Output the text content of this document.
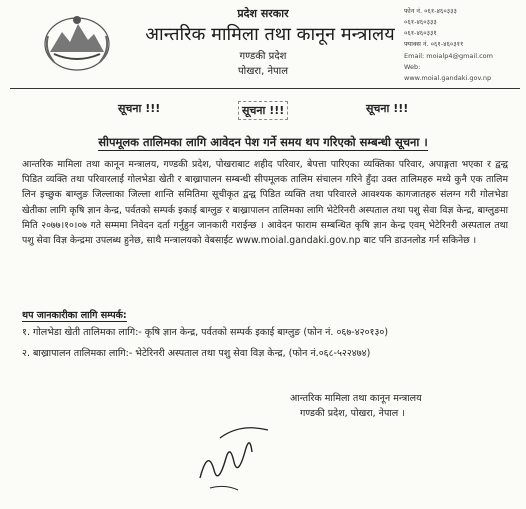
प्रदेश सरकार
आन्तरिक मामिला तथा कानून मन्त्रालय
गण्डकी प्रदेश
पोखरा, नेपाल
फोन नं. ०६१-४६०३३३
०६१-४६०३३३
०६१-४६०३३१
फ्याक्स नं. ०६१-४६०३११
Email: moialp4@gmail.com
Web:
www.moial.gandaki.gov.np
सूचना !!!	सूचना !!!	सूचना !!!
सीपमूलक तालिमका लागि आवेदन पेश गर्ने समय थप गरिएको सम्बन्धी सूचना ।
आन्तरिक मामिला तथा कानून मन्त्रालय, गण्डकी प्रदेश, पोखराबाट शहीद परिवार, बेपत्ता पारिएका व्यक्तिका परिवार, अपाङ्गता भएका र द्वन्द्व पिडित व्यक्ति तथा परिवारलाई गोलभेडा खेती र बाख्रापालन सम्बन्धी सीपमूलक तालिम संचालन गरिने हुँदा उक्त तालिमहरु मध्ये कुनै एक तालिम लिन इच्छुक बाग्लुङ जिल्लाका जिल्ला शान्ति समितिमा सूचीकृत द्वन्द्व पिडित व्यक्ति तथा परिवारले आवश्यक कागजातहरु संलग्न गरी गोलभेडा खेतीका लागि कृषि ज्ञान केन्द्र, पर्वतको सम्पर्क इकाई बाग्लुङ र बाख्रापालन तालिमका लागि भेटेरिनरी अस्पताल तथा पशु सेवा विज्ञ केन्द्र, बाग्लुङमा मिति २०७७।१०।०७ गते सम्ममा निवेदन दर्ता गर्नुहुन जानकारी गराईन्छ । आवेदन फाराम सम्बन्धित कृषि ज्ञान केन्द्र एवम् भेटेरिनरी अस्पताल तथा पशु सेवा विज्ञ केन्द्रमा उपलब्ध हुनेछ, साथै मन्त्रालयको वेबसाईट www.moial.gandaki.gov.np बाट पनि डाउनलोड गर्न सकिनेछ ।
थप जानकारीका लागि सम्पर्क:
१. गोलभेडा खेती तालिमका लागि:- कृषि ज्ञान केन्द्र, पर्वतको सम्पर्क इकाई बाग्लुङ (फोन नं. ०६७-४२०१३०)
२. बाख्रापालन तालिमका लागि:- भेटेरिनरी अस्पताल तथा पशु सेवा विज्ञ केन्द्र, (फोन नं.०६८-५२२४७४)
आन्तरिक मामिला तथा कानून मन्त्रालय
गण्डकी प्रदेश, पोखरा, नेपाल ।
